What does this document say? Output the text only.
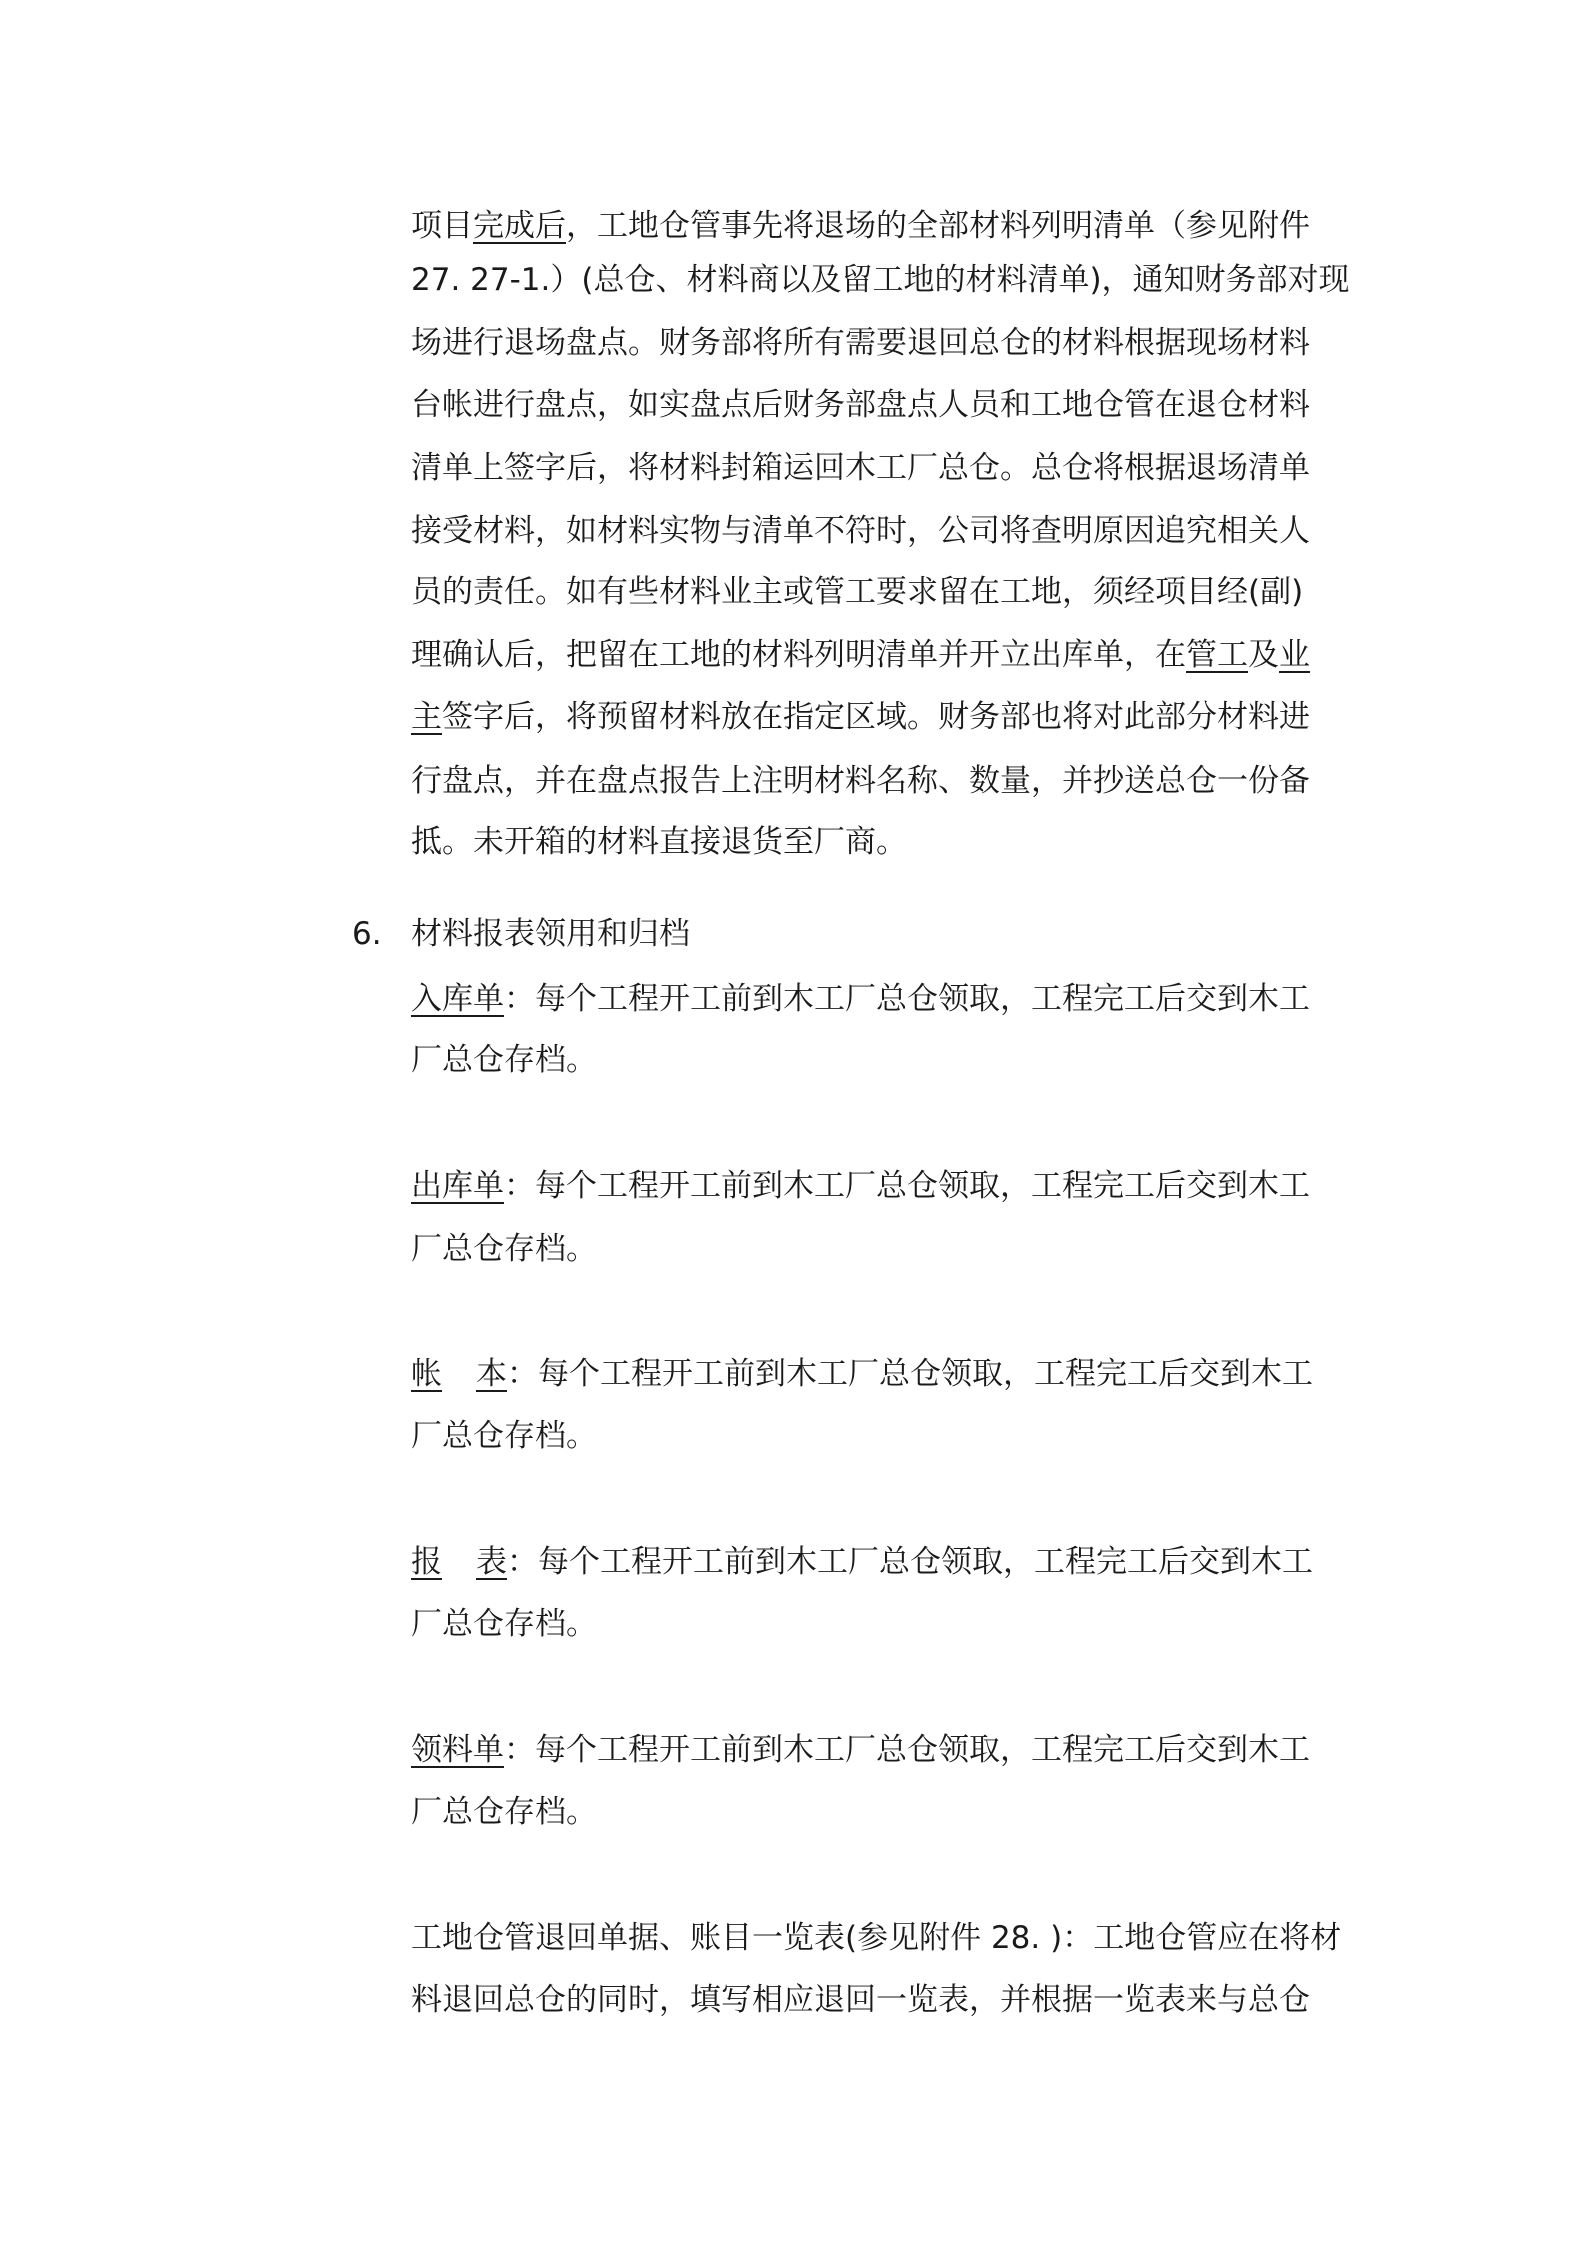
项目完成后，工地仓管事先将退场的全部材料列明清单（参见附件
27. 27-1.）(总仓、材料商以及留工地的材料清单)，通知财务部对现
场进行退场盘点。财务部将所有需要退回总仓的材料根据现场材料
台帐进行盘点，如实盘点后财务部盘点人员和工地仓管在退仓材料
清单上签字后，将材料封箱运回木工厂总仓。总仓将根据退场清单
接受材料，如材料实物与清单不符时，公司将查明原因追究相关人
员的责任。如有些材料业主或管工要求留在工地，须经项目经(副)
理确认后，把留在工地的材料列明清单并开立出库单，在管工及业
主签字后，将预留材料放在指定区域。财务部也将对此部分材料进
行盘点，并在盘点报告上注明材料名称、数量，并抄送总仓一份备
抵。未开箱的材料直接退货至厂商。
6. 材料报表领用和归档
入库单：每个工程开工前到木工厂总仓领取，工程完工后交到木工
厂总仓存档。
出库单：每个工程开工前到木工厂总仓领取，工程完工后交到木工
厂总仓存档。
帐 本：每个工程开工前到木工厂总仓领取，工程完工后交到木工
厂总仓存档。
报 表：每个工程开工前到木工厂总仓领取，工程完工后交到木工
厂总仓存档。
领料单：每个工程开工前到木工厂总仓领取，工程完工后交到木工
厂总仓存档。
工地仓管退回单据、账目一览表(参见附件 28. )：工地仓管应在将材
料退回总仓的同时，填写相应退回一览表，并根据一览表来与总仓
